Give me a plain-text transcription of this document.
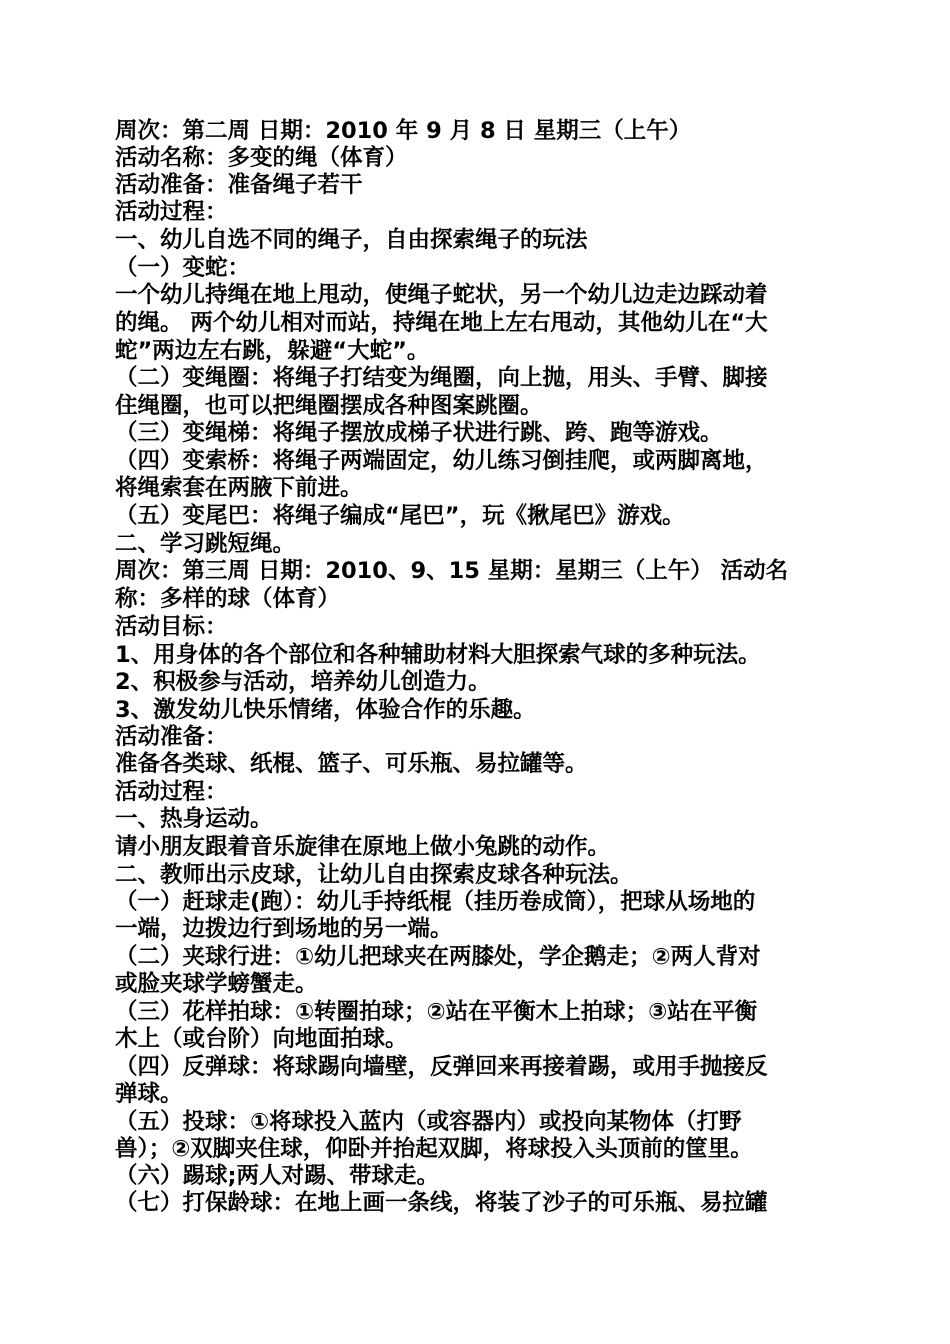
周次：第二周 日期：2010 年 9 月 8 日 星期三（上午）

活动名称：多变的绳（体育）

活动准备：准备绳子若干

活动过程：

一、幼儿自选不同的绳子，自由探索绳子的玩法

（一）变蛇：

一个幼儿持绳在地上甩动，使绳子蛇状，另一个幼儿边走边踩动着

的绳。 两个幼儿相对而站，持绳在地上左右甩动，其他幼儿在“大

蛇”两边左右跳，躲避“大蛇”。

（二）变绳圈：将绳子打结变为绳圈，向上抛，用头、手臂、脚接

住绳圈，也可以把绳圈摆成各种图案跳圈。

（三）变绳梯：将绳子摆放成梯子状进行跳、跨、跑等游戏。

（四）变索桥：将绳子两端固定，幼儿练习倒挂爬，或两脚离地，

将绳索套在两腋下前进。

（五）变尾巴：将绳子编成“尾巴”，玩《揪尾巴》游戏。

二、学习跳短绳。

周次：第三周 日期：2010、9、15 星期：星期三（上午） 活动名

称：多样的球（体育）

活动目标：

1、用身体的各个部位和各种辅助材料大胆探索气球的多种玩法。

2、积极参与活动，培养幼儿创造力。

3、激发幼儿快乐情绪，体验合作的乐趣。

活动准备：

准备各类球、纸棍、篮子、可乐瓶、易拉罐等。

活动过程：

一、热身运动。

请小朋友跟着音乐旋律在原地上做小兔跳的动作。

二、教师出示皮球，让幼儿自由探索皮球各种玩法。

（一）赶球走(跑）：幼儿手持纸棍（挂历卷成筒），把球从场地的

一端，边拨边行到场地的另一端。

（二）夹球行进：①幼儿把球夹在两膝处，学企鹅走；②两人背对

或脸夹球学螃蟹走。

（三）花样拍球：①转圈拍球；②站在平衡木上拍球；③站在平衡

木上（或台阶）向地面拍球。

（四）反弹球：将球踢向墙壁，反弹回来再接着踢，或用手抛接反

弹球。

（五）投球：①将球投入蓝内（或容器内）或投向某物体（打野

兽）；②双脚夹住球，仰卧并抬起双脚，将球投入头顶前的筐里。

（六）踢球;两人对踢、带球走。

（七）打保龄球：在地上画一条线，将装了沙子的可乐瓶、易拉罐
